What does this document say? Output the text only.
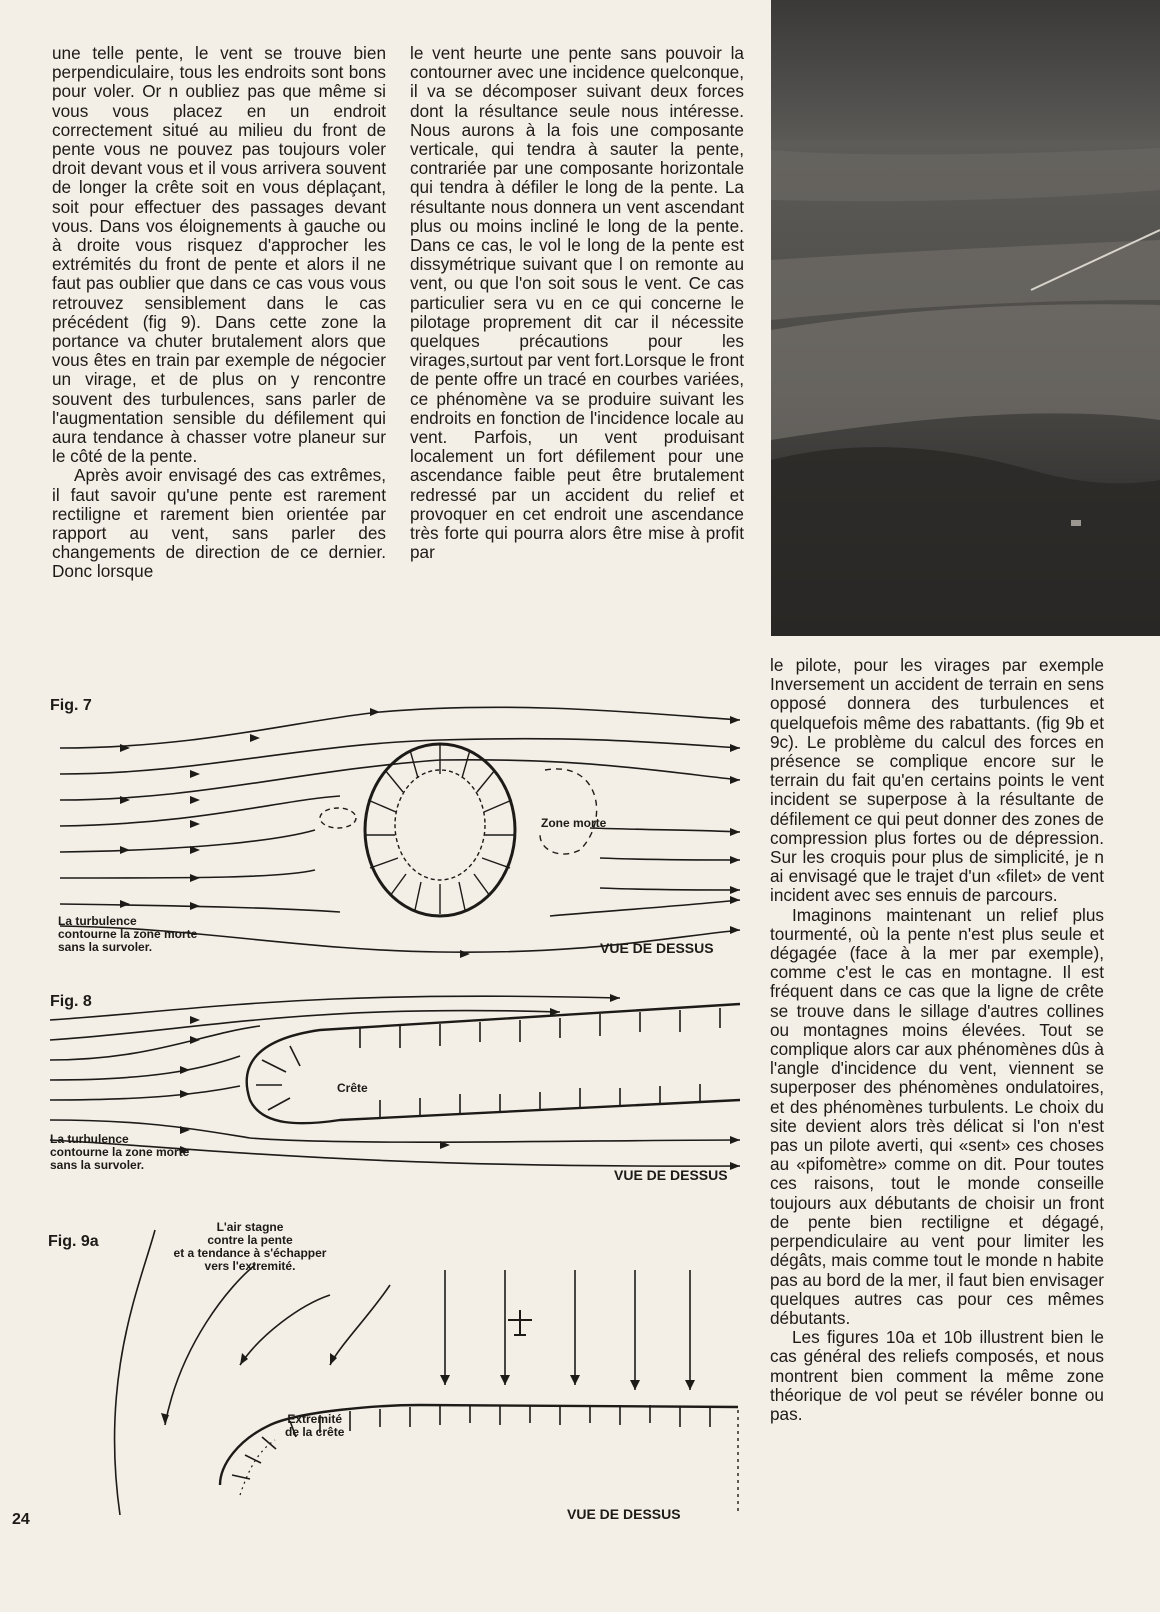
une telle pente, le vent se trouve bien perpendiculaire, tous les endroits sont bons pour voler. Or n oubliez pas que même si vous vous placez en un endroit correctement situé au milieu du front de pente vous ne pouvez pas toujours voler droit devant vous et il vous arrivera souvent de longer la crête soit en vous déplaçant, soit pour effectuer des passages devant vous. Dans vos éloignements à gauche ou à droite vous risquez d'approcher les extrémités du front de pente et alors il ne faut pas oublier que dans ce cas vous vous retrouvez sensiblement dans le cas précédent (fig 9). Dans cette zone la portance va chuter brutalement alors que vous êtes en train par exemple de négocier un virage, et de plus on y rencontre souvent des turbulences, sans parler de l'augmentation sensible du défilement qui aura tendance à chasser votre planeur sur le côté de la pente.

Après avoir envisagé des cas extrêmes, il faut savoir qu'une pente est rarement rectiligne et rarement bien orientée par rapport au vent, sans parler des changements de direction de ce dernier. Donc lorsque

le vent heurte une pente sans pouvoir la contourner avec une incidence quelconque, il va se décomposer suivant deux forces dont la résultance seule nous intéresse. Nous aurons à la fois une composante verticale, qui tendra à sauter la pente, contrariée par une composante horizontale qui tendra à défiler le long de la pente. La résultante nous donnera un vent ascendant plus ou moins incliné le long de la pente. Dans ce cas, le vol le long de la pente est dissymétrique suivant que l on remonte au vent, ou que l'on soit sous le vent. Ce cas particulier sera vu en ce qui concerne le pilotage proprement dit car il nécessite quelques précautions pour les virages,surtout par vent fort.Lorsque le front de pente offre un tracé en courbes variées, ce phénomène va se produire suivant les endroits en fonction de l'incidence locale au vent. Parfois, un vent produisant localement un fort défilement pour une ascendance faible peut être brutalement redressé par un accident du relief et provoquer en cet endroit une ascendance très forte qui pourra alors être mise à profit par

le pilote, pour les virages par exemple Inversement un accident de terrain en sens opposé donnera des turbulences et quelquefois même des rabattants. (fig 9b et 9c). Le problème du calcul des forces en présence se complique encore sur le terrain du fait qu'en certains points le vent incident se superpose à la résultante de défilement ce qui peut donner des zones de compression plus fortes ou de dépression. Sur les croquis pour plus de simplicité, je n ai envisagé que le trajet d'un «filet» de vent incident avec ses ennuis de parcours.

Imaginons maintenant un relief plus tourmenté, où la pente n'est plus seule et dégagée (face à la mer par exemple), comme c'est le cas en montagne. Il est fréquent dans ce cas que la ligne de crête se trouve dans le sillage d'autres collines ou montagnes moins élevées. Tout se complique alors car aux phénomènes dûs à l'angle d'incidence du vent, viennent se superposer des phénomènes ondulatoires, et des phénomènes turbulents. Le choix du site devient alors très délicat si l'on n'est pas un pilote averti, qui «sent» ces choses au «pifomètre» comme on dit. Pour toutes ces raisons, tout le monde conseille toujours aux débutants de choisir un front de pente bien rectiligne et dégagé, perpendiculaire au vent pour limiter les dégâts, mais comme tout le monde n habite pas au bord de la mer, il faut bien envisager quelques autres cas pour ces mêmes débutants.

Les figures 10a et 10b illustrent bien le cas général des reliefs composés, et nous montrent bien comment la même zone théorique de vol peut se révéler bonne ou pas.

Fig. 7
Zone morte
La turbulence
contourne la zone morte
sans la survoler.	VUE DE DESSUS
Fig. 8
Crête
La turbulence
contourne la zone morte
sans la survoler.
VUE DE DESSUS
Fig. 9a
L'air stagne
contre la pente
et a tendance à s'échapper
vers l'extremité.
Extremité
de la crête
VUE DE DESSUS
24
